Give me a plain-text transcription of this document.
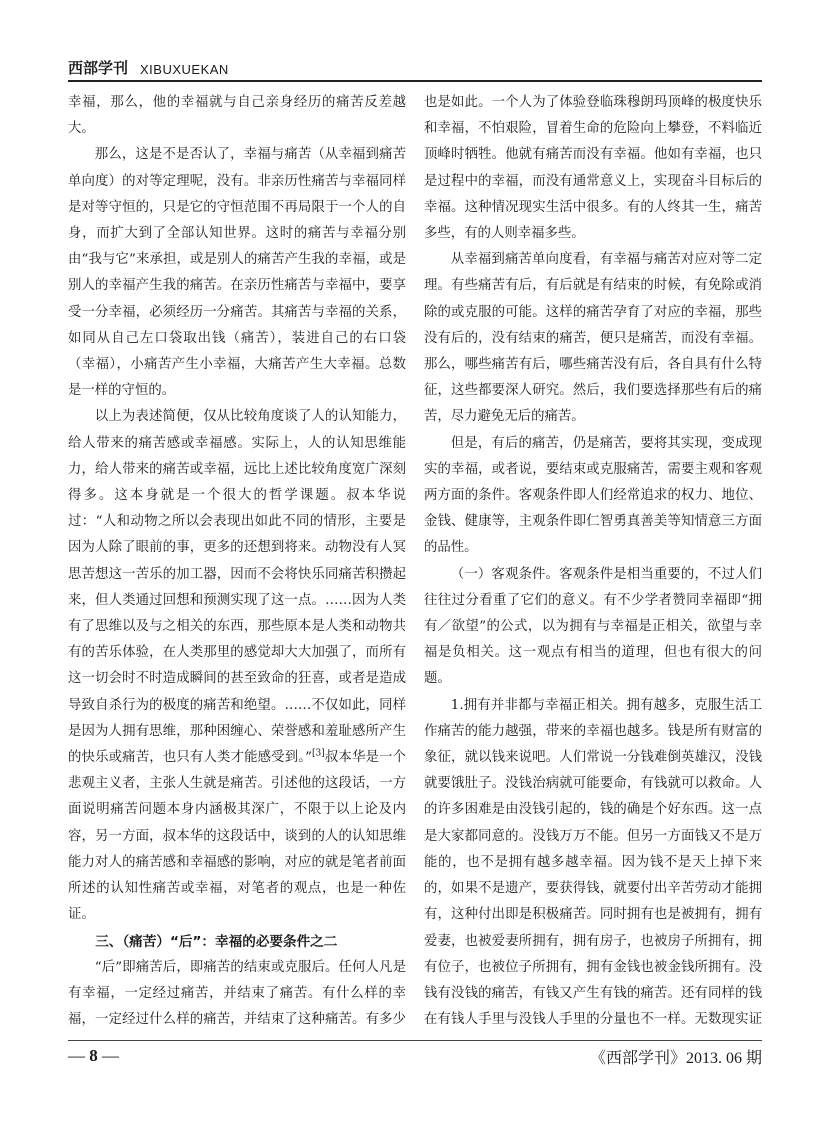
西部学刊 XIBUXUEKAN

幸福，那么，他的幸福就与自己亲身经历的痛苦反差越大。

那么，这是不是否认了，幸福与痛苦（从幸福到痛苦单向度）的对等定理呢，没有。非亲历性痛苦与幸福同样是对等守恒的，只是它的守恒范围不再局限于一个人的自身，而扩大到了全部认知世界。这时的痛苦与幸福分别由“我与它”来承担，或是别人的痛苦产生我的幸福，或是别人的幸福产生我的痛苦。在亲历性痛苦与幸福中，要享受一分幸福，必须经历一分痛苦。其痛苦与幸福的关系，如同从自己左口袋取出钱（痛苦），装进自己的右口袋（幸福），小痛苦产生小幸福，大痛苦产生大幸福。总数是一样的守恒的。

以上为表述简便，仅从比较角度谈了人的认知能力，给人带来的痛苦感或幸福感。实际上，人的认知思维能力，给人带来的痛苦或幸福，远比上述比较角度宽广深刻得多。这本身就是一个很大的哲学课题。叔本华说过：“人和动物之所以会表现出如此不同的情形，主要是因为人除了眼前的事，更多的还想到将来。动物没有人冥思苦想这一苦乐的加工器，因而不会将快乐同痛苦积攒起来，但人类通过回想和预测实现了这一点。……因为人类有了思维以及与之相关的东西，那些原本是人类和动物共有的苦乐体验，在人类那里的感觉却大大加强了，而所有这一切会时不时造成瞬间的甚至致命的狂喜，或者是造成导致自杀行为的极度的痛苦和绝望。……不仅如此，同样是因为人拥有思维，那种困缠心、荣誉感和羞耻感所产生的快乐或痛苦，也只有人类才能感受到。”[3]叔本华是一个悲观主义者，主张人生就是痛苦。引述他的这段话，一方面说明痛苦问题本身内涵极其深广，不限于以上论及内容，另一方面，叔本华的这段话中，谈到的人的认知思维能力对人的痛苦感和幸福感的影响，对应的就是笔者前面所述的认知性痛苦或幸福，对笔者的观点，也是一种佐证。

三、（痛苦）“后”：幸福的必要条件之二

“后”即痛苦后，即痛苦的结束或克服后。任何人凡是有幸福，一定经过痛苦，并结束了痛苦。有什么样的幸福，一定经过什么样的痛苦，并结束了这种痛苦。有多少

也是如此。一个人为了体验登临珠穆朗玛顶峰的极度快乐和幸福，不怕艰险，冒着生命的危险向上攀登，不料临近顶峰时牺牲。他就有痛苦而没有幸福。他如有幸福，也只是过程中的幸福，而没有通常意义上，实现奋斗目标后的幸福。这种情况现实生活中很多。有的人终其一生，痛苦多些，有的人则幸福多些。

从幸福到痛苦单向度看，有幸福与痛苦对应对等二定理。有些痛苦有后，有后就是有结束的时候，有免除或消除的或克服的可能。这样的痛苦孕育了对应的幸福，那些没有后的，没有结束的痛苦，便只是痛苦，而没有幸福。那么，哪些痛苦有后，哪些痛苦没有后，各自具有什么特征，这些都要深人研究。然后，我们要选择那些有后的痛苦，尽力避免无后的痛苦。

但是，有后的痛苦，仍是痛苦，要将其实现，变成现实的幸福，或者说，要结束或克服痛苦，需要主观和客观两方面的条件。客观条件即人们经常追求的权力、地位、金钱、健康等，主观条件即仁智勇真善美等知情意三方面的品性。

（一）客观条件。客观条件是相当重要的，不过人们往往过分看重了它们的意义。有不少学者赞同幸福即“拥有／欲望”的公式，以为拥有与幸福是正相关，欲望与幸福是负相关。这一观点有相当的道理，但也有很大的问题。

1.拥有并非都与幸福正相关。拥有越多，克服生活工作痛苦的能力越强，带来的幸福也越多。钱是所有财富的象征，就以钱来说吧。人们常说一分钱难倒英雄汉，没钱就要饿肚子。没钱治病就可能要命，有钱就可以救命。人的许多困难是由没钱引起的，钱的确是个好东西。这一点是大家都同意的。没钱万万不能。但另一方面钱又不是万能的，也不是拥有越多越幸福。因为钱不是天上掉下来的，如果不是遗产，要获得钱，就要付出辛苦劳动才能拥有，这种付出即是积极痛苦。同时拥有也是被拥有，拥有爱妻，也被爱妻所拥有，拥有房子，也被房子所拥有，拥有位子，也被位子所拥有，拥有金钱也被金钱所拥有。没钱有没钱的痛苦，有钱又产生有钱的痛苦。还有同样的钱在有钱人手里与没钱人手里的分量也不一样。无数现实证

— 8 —	《西部学刊》2013. 06 期
